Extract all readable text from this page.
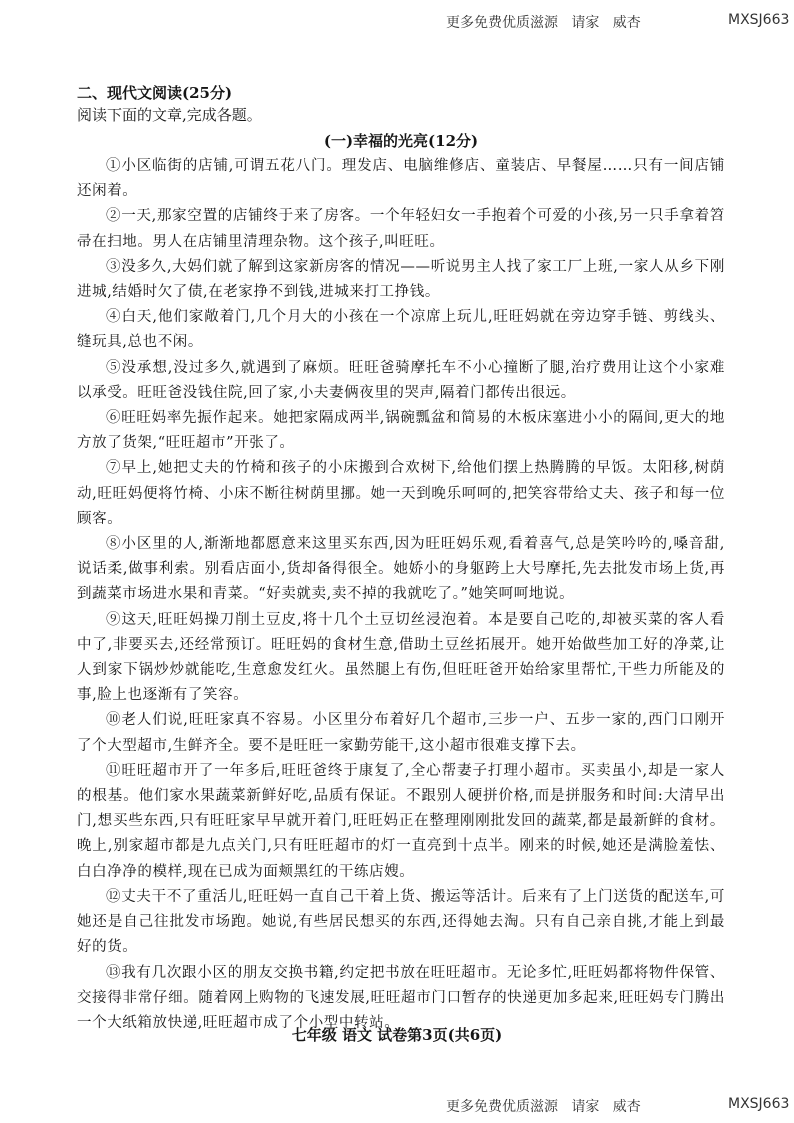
更多免费优质滋源   请家   威杏	MXSJ663

二、现代文阅读(25分)

阅读下面的文章,完成各题。

(一)幸福的光亮(12分)

①小区临街的店铺,可谓五花八门。理发店、电脑维修店、童装店、早餐屋……只有一间店铺还闲着。

②一天,那家空置的店铺终于来了房客。一个年轻妇女一手抱着个可爱的小孩,另一只手拿着笤帚在扫地。男人在店铺里清理杂物。这个孩子,叫旺旺。

③没多久,大妈们就了解到这家新房客的情况——听说男主人找了家工厂上班,一家人从乡下刚进城,结婚时欠了债,在老家挣不到钱,进城来打工挣钱。

④白天,他们家敞着门,几个月大的小孩在一个凉席上玩儿,旺旺妈就在旁边穿手链、剪线头、缝玩具,总也不闲。

⑤没承想,没过多久,就遇到了麻烦。旺旺爸骑摩托车不小心撞断了腿,治疗费用让这个小家难以承受。旺旺爸没钱住院,回了家,小夫妻俩夜里的哭声,隔着门都传出很远。

⑥旺旺妈率先振作起来。她把家隔成两半,锅碗瓢盆和简易的木板床塞进小小的隔间,更大的地方放了货架,“旺旺超市”开张了。

⑦早上,她把丈夫的竹椅和孩子的小床搬到合欢树下,给他们摆上热腾腾的早饭。太阳移,树荫动,旺旺妈便将竹椅、小床不断往树荫里挪。她一天到晚乐呵呵的,把笑容带给丈夫、孩子和每一位顾客。

⑧小区里的人,渐渐地都愿意来这里买东西,因为旺旺妈乐观,看着喜气,总是笑吟吟的,嗓音甜,说话柔,做事利索。别看店面小,货却备得很全。她娇小的身躯跨上大号摩托,先去批发市场上货,再到蔬菜市场进水果和青菜。“好卖就卖,卖不掉的我就吃了。”她笑呵呵地说。

⑨这天,旺旺妈操刀削土豆皮,将十几个土豆切丝浸泡着。本是要自己吃的,却被买菜的客人看中了,非要买去,还经常预订。旺旺妈的食材生意,借助土豆丝拓展开。她开始做些加工好的净菜,让人到家下锅炒炒就能吃,生意愈发红火。虽然腿上有伤,但旺旺爸开始给家里帮忙,干些力所能及的事,脸上也逐渐有了笑容。

⑩老人们说,旺旺家真不容易。小区里分布着好几个超市,三步一户、五步一家的,西门口刚开了个大型超市,生鲜齐全。要不是旺旺一家勤劳能干,这小超市很难支撑下去。

⑪旺旺超市开了一年多后,旺旺爸终于康复了,全心帮妻子打理小超市。买卖虽小,却是一家人的根基。他们家水果蔬菜新鲜好吃,品质有保证。不跟别人硬拼价格,而是拼服务和时间:大清早出门,想买些东西,只有旺旺家早早就开着门,旺旺妈正在整理刚刚批发回的蔬菜,都是最新鲜的食材。晚上,别家超市都是九点关门,只有旺旺超市的灯一直亮到十点半。刚来的时候,她还是满脸羞怯、白白净净的模样,现在已成为面颊黑红的干练店嫂。

⑫丈夫干不了重活儿,旺旺妈一直自己干着上货、搬运等活计。后来有了上门送货的配送车,可她还是自己往批发市场跑。她说,有些居民想买的东西,还得她去淘。只有自己亲自挑,才能上到最好的货。

⑬我有几次跟小区的朋友交换书籍,约定把书放在旺旺超市。无论多忙,旺旺妈都将物件保管、交接得非常仔细。随着网上购物的飞速发展,旺旺超市门口暂存的快递更加多起来,旺旺妈专门腾出一个大纸箱放快递,旺旺超市成了个小型中转站。

七年级 语文 试卷第3页(共6页)
更多免费优质滋源   请家   威杏	MXSJ663
